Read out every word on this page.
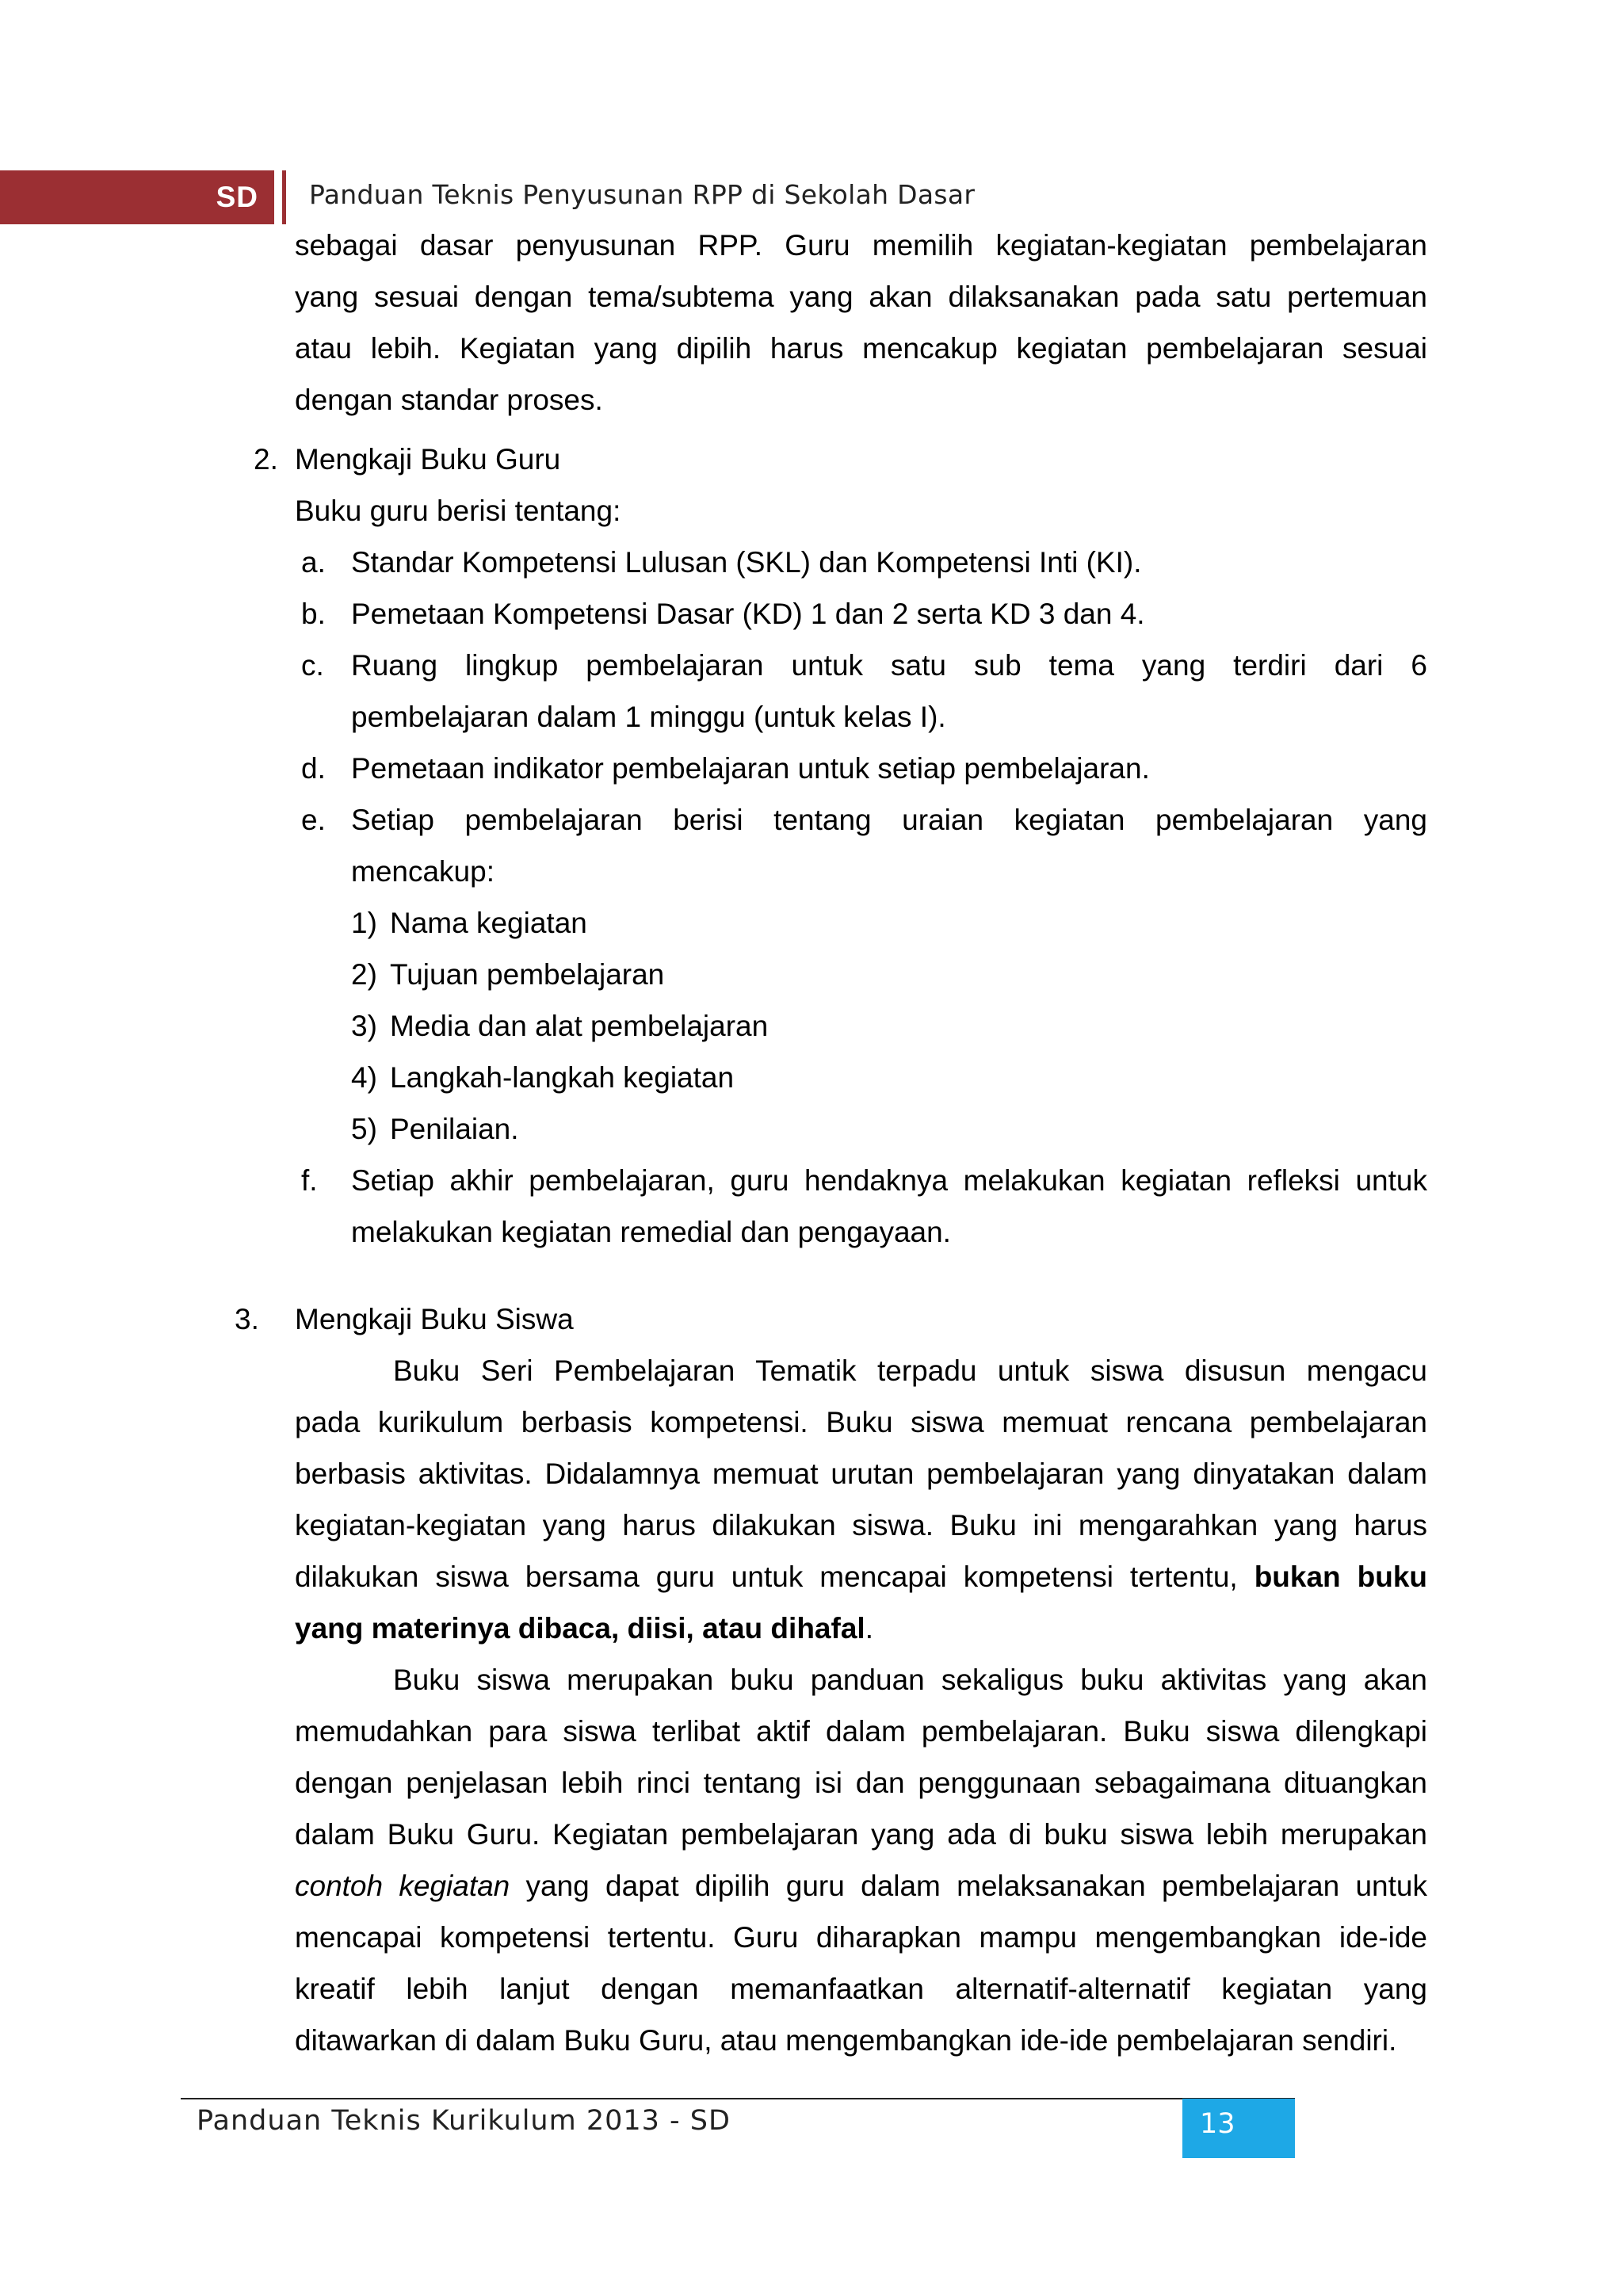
SD Panduan Teknis Penyusunan RPP di Sekolah Dasar
sebagai dasar penyusunan RPP. Guru memilih kegiatan-kegiatan pembelajaran
yang sesuai dengan tema/subtema yang akan dilaksanakan pada satu pertemuan
atau lebih. Kegiatan yang dipilih harus mencakup kegiatan pembelajaran sesuai
dengan standar proses.
2. Mengkaji Buku Guru
Buku guru berisi tentang:
a. Standar Kompetensi Lulusan (SKL) dan Kompetensi Inti (KI).
b. Pemetaan Kompetensi Dasar (KD) 1 dan 2 serta KD 3 dan 4.
c. Ruang lingkup pembelajaran untuk satu sub tema yang terdiri dari 6
pembelajaran dalam 1 minggu (untuk kelas I).
d. Pemetaan indikator pembelajaran untuk setiap pembelajaran.
e. Setiap pembelajaran berisi tentang uraian kegiatan pembelajaran yang
mencakup:
1) Nama kegiatan
2) Tujuan pembelajaran
3) Media dan alat pembelajaran
4) Langkah-langkah kegiatan
5) Penilaian.
f. Setiap akhir pembelajaran, guru hendaknya melakukan kegiatan refleksi untuk
melakukan kegiatan remedial dan pengayaan.
3. Mengkaji Buku Siswa
Buku Seri Pembelajaran Tematik terpadu untuk siswa disusun mengacu
pada kurikulum berbasis kompetensi. Buku siswa memuat rencana pembelajaran
berbasis aktivitas. Didalamnya memuat urutan pembelajaran yang dinyatakan dalam
kegiatan-kegiatan yang harus dilakukan siswa. Buku ini mengarahkan yang harus
dilakukan siswa bersama guru untuk mencapai kompetensi tertentu, bukan buku
yang materinya dibaca, diisi, atau dihafal.
Buku siswa merupakan buku panduan sekaligus buku aktivitas yang akan
memudahkan para siswa terlibat aktif dalam pembelajaran. Buku siswa dilengkapi
dengan penjelasan lebih rinci tentang isi dan penggunaan sebagaimana dituangkan
dalam Buku Guru. Kegiatan pembelajaran yang ada di buku siswa lebih merupakan
contoh kegiatan yang dapat dipilih guru dalam melaksanakan pembelajaran untuk
mencapai kompetensi tertentu. Guru diharapkan mampu mengembangkan ide-ide
kreatif lebih lanjut dengan memanfaatkan alternatif-alternatif kegiatan yang
ditawarkan di dalam Buku Guru, atau mengembangkan ide-ide pembelajaran sendiri.
Panduan Teknis Kurikulum 2013 - SD	13
